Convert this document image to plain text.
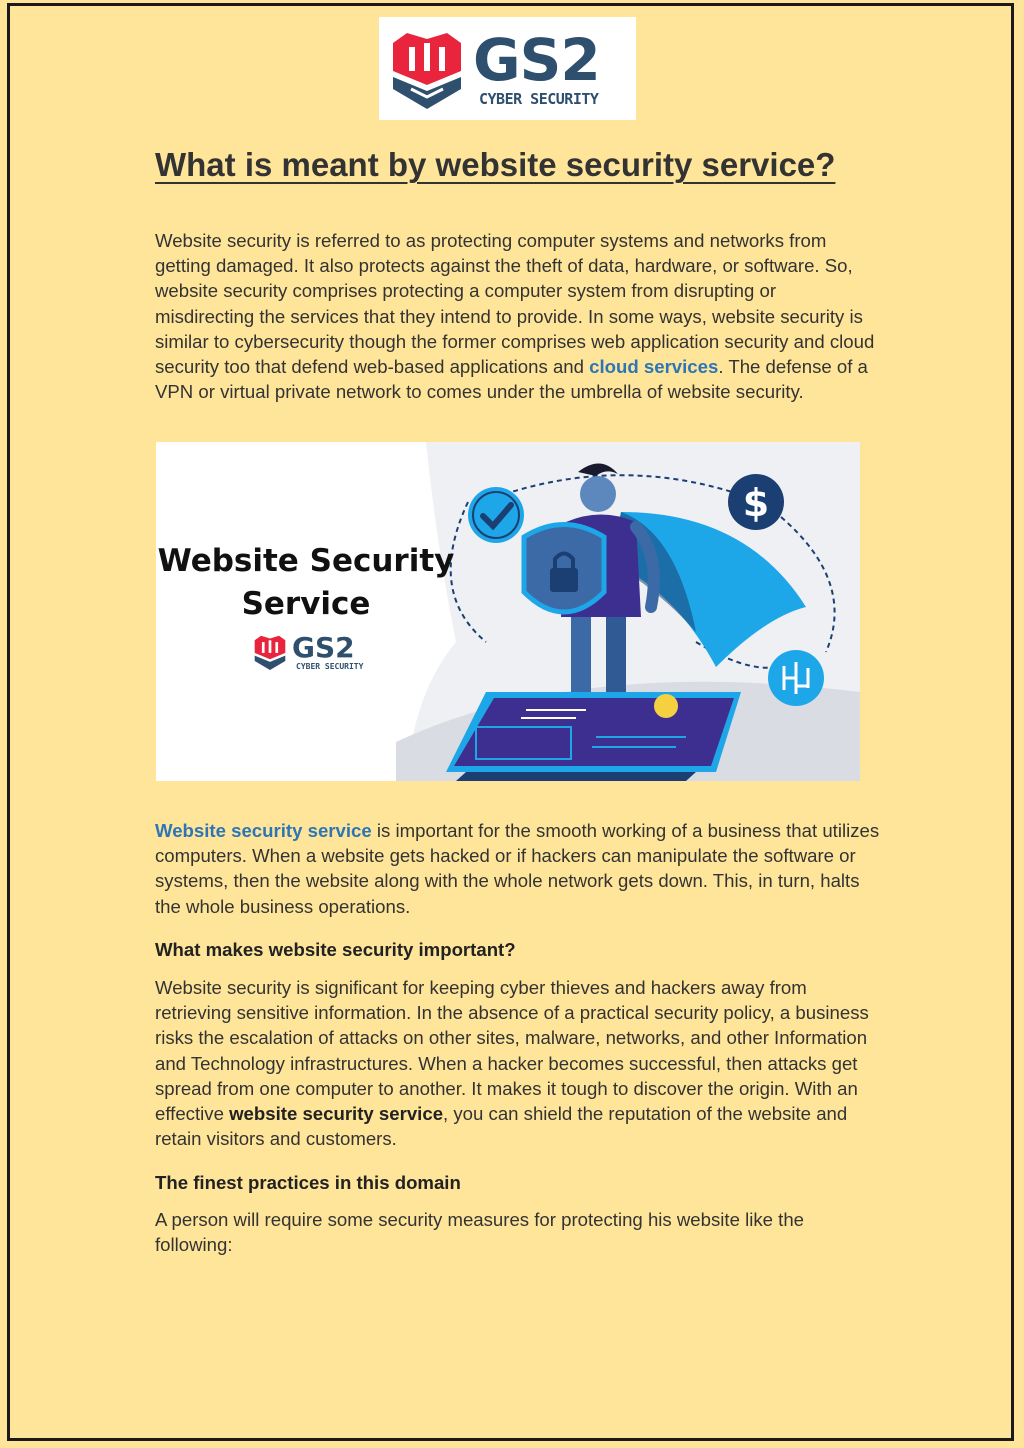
GS2
CYBER SECURITY
What is meant by website security service?

Website security is referred to as protecting computer systems and networks from getting damaged. It also protects against the theft of data, hardware, or software. So, website security comprises protecting a computer system from disrupting or misdirecting the services that they intend to provide. In some ways, website security is similar to cybersecurity though the former comprises web application security and cloud security too that defend web-based applications and cloud services. The defense of a VPN or virtual private network to comes under the umbrella of website security.

$
Website Security
Service
GS2
CYBER SECURITY

Website security service is important for the smooth working of a business that utilizes computers. When a website gets hacked or if hackers can manipulate the software or systems, then the website along with the whole network gets down. This, in turn, halts the whole business operations.

What makes website security important?

Website security is significant for keeping cyber thieves and hackers away from retrieving sensitive information. In the absence of a practical security policy, a business risks the escalation of attacks on other sites, malware, networks, and other Information and Technology infrastructures. When a hacker becomes successful, then attacks get spread from one computer to another. It makes it tough to discover the origin. With an effective website security service, you can shield the reputation of the website and retain visitors and customers.

The finest practices in this domain

A person will require some security measures for protecting his website like the following:
